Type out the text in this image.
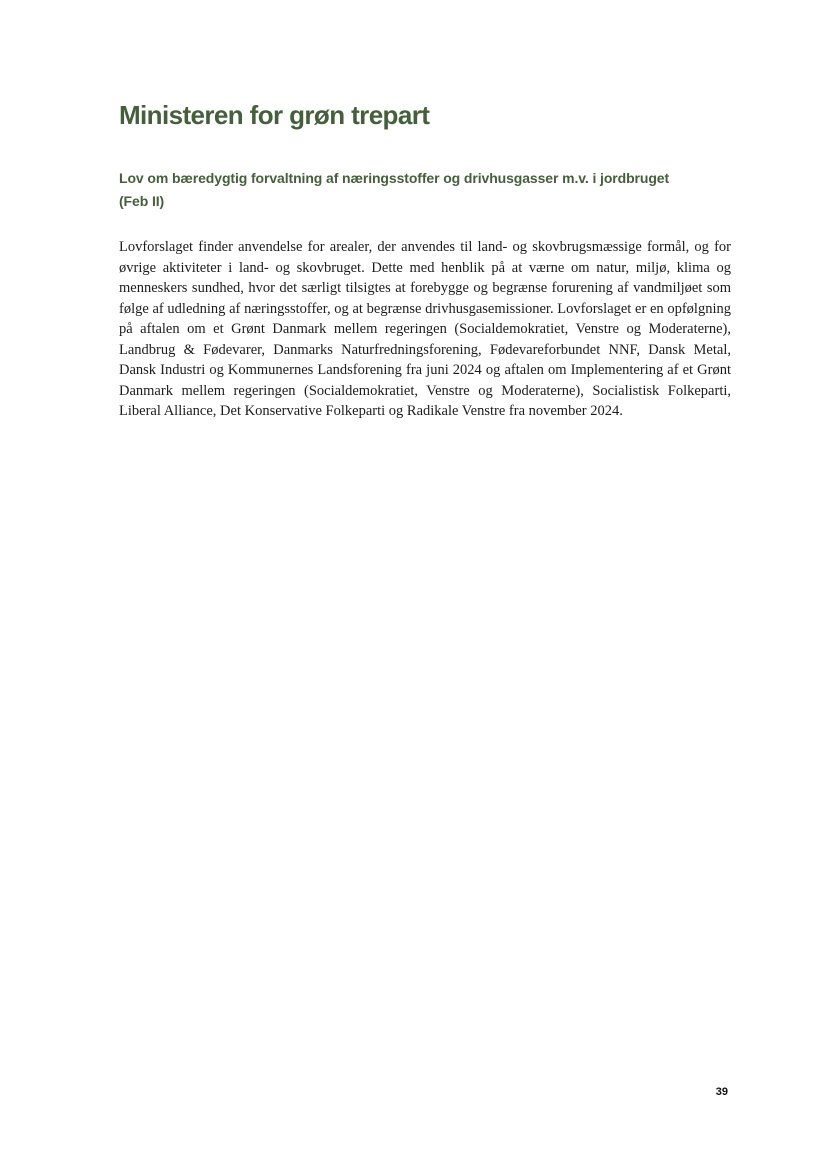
Ministeren for grøn trepart
Lov om bæredygtig forvaltning af næringsstoffer og drivhusgasser m.v. i jordbruget
(Feb II)

Lovforslaget finder anvendelse for arealer, der anvendes til land- og skovbrugsmæssige formål, og for øvrige aktiviteter i land- og skovbruget. Dette med henblik på at værne om natur, miljø, klima og menneskers sundhed, hvor det særligt tilsigtes at forebygge og begrænse forurening af vandmiljøet som følge af udledning af næringsstoffer, og at begrænse drivhusgasemissioner. Lovforslaget er en opfølgning på aftalen om et Grønt Danmark mellem regeringen (Socialdemokratiet, Venstre og Moderaterne), Landbrug & Fødevarer, Danmarks Naturfredningsforening, Fødevareforbundet NNF, Dansk Metal, Dansk Industri og Kommunernes Landsforening fra juni 2024 og aftalen om Implementering af et Grønt Danmark mellem regeringen (Socialdemokratiet, Venstre og Moderaterne), Socialistisk Folkeparti, Liberal Alliance, Det Konservative Folkeparti og Radikale Venstre fra november 2024.

39
